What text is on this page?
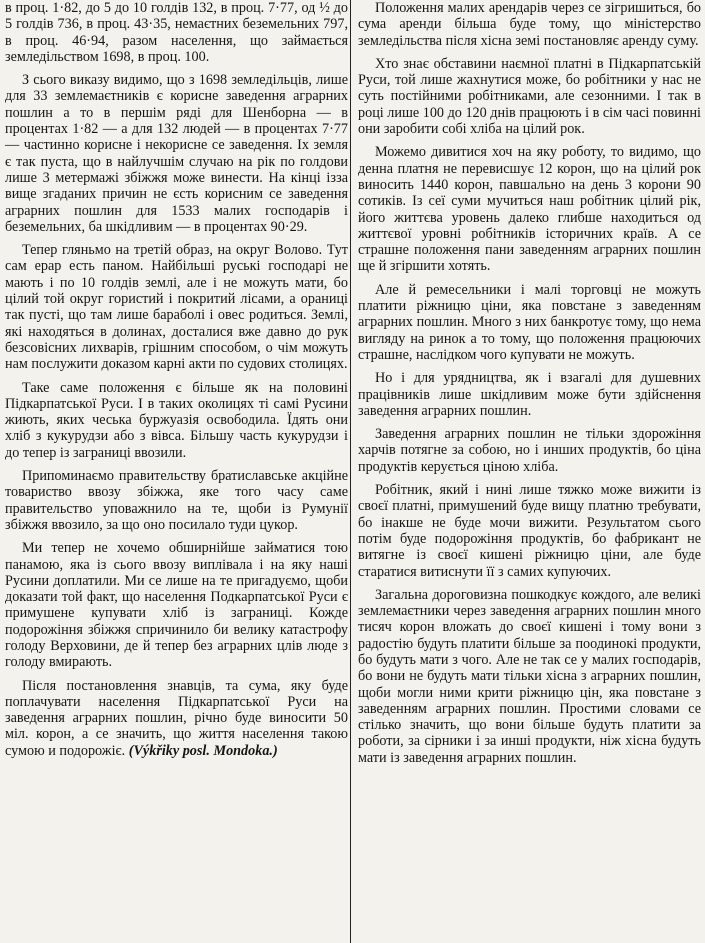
в проц. 1·82, до 5 до 10 голдів 132, в проц. 7·77, од ½ до 5 голдів 736, в проц. 43·35, немаєтних беземельних 797, в проц. 46·94, разом населення, що займається земледільством 1698, в проц. 100.

З сього виказу видимо, що з 1698 земледільців, лише для 33 землемаєтників є корисне заведення аграрних пошлин а то в першім ряді для Шенборна — в процентах 1·82 — а для 132 людей — в процентах 7·77 — частинно корисне і некорисне се заведення. Іх земля є так пуста, що в найлучшім случаю на рік по голдови лише 3 метермажі збіжжя може винести. На кінці ізза вище згаданих причин не єсть корисним се заведення аграрних пошлин для 1533 малих господарів і беземельних, ба шкідливим — в процентах 90·29.

Тепер гляньмо на третій образ, на округ Волово. Тут сам ерар есть паном. Найбільші руські господарі не мають і по 10 голдів землі, але і не можуть мати, бо цілий той округ гористий і покритий лісами, а ораниці так пусті, що там лише бараболі і овес родиться. Землі, які находяться в долинах, досталися вже давно до рук безсовісних лихварів, грішним способом, о чім можуть нам послужити доказом карні акти по судових столицях.

Таке саме положення є більше як на половині Підкарпатської Руси. І в таких околицях ті самі Русини жиють, яких чеська буржуазія освободила. Їдять они хліб з кукурудзи або з вівса. Більшу часть кукурудзи і до тепер із заграниці ввозили.

Припоминаємо правительству братиславське акційне товариство ввозу збіжжа, яке того часу саме правительство уповажнило на те, щоби із Румунії збіжжя ввозило, за що оно посилало туди цукор.

Ми тепер не хочемо обширнійше займатися тою панамою, яка із сього ввозу виплівала і на яку наші Русини доплатили. Ми се лише на те пригадуємо, щоби доказати той факт, що населення Подкарпатської Руси є примушене купувати хліб із заграниці. Кожде подорожіння збіжжя спричинило би велику катастрофу голоду Верховини, де й тепер без аграрних цлів люде з голоду вмирають.

Після постановлення знавців, та сума, яку буде поплачувати населення Підкарпатської Руси на заведення аграрних пошлин, річно буде виносити 50 міл. корон, а се значить, що життя населення такою сумою и подорожіє. (Výkřiky posl. Mondoka.)

Положення малих арендарів через се зігришиться, бо сума аренди більша буде тому, що міністерство земледільства після хісна земі постановляє аренду суму.

Хто знає обставини наємної платні в Підкарпатській Руси, той лише жахнутися може, бо робітники у нас не суть постійними робітниками, але сезонними. І так в році лише 100 до 120 днів працюють і в сім часі повинні они заробити собі хліба на цілий рок.

Можемо дивитися хоч на яку роботу, то видимо, що денна платня не перевисшує 12 корон, що на цілий рок виносить 1440 корон, павшально на день 3 корони 90 сотиків. Із сеї суми мучиться наш робітник цілий рік, його життєва уровень далеко глибше находиться од життєвої уровні робітників історичних країв. А се страшне положення пани заведенням аграрних пошлин ще й згіршити хотять.

Але й ремесельники і малі торговці не можуть платити ріжницю ціни, яка повстане з заведенням аграрних пошлин. Много з них банкротує тому, що нема вигляду на ринок а то тому, що положення працюючих страшне, наслідком чого купувати не можуть.

Но і для урядництва, як і взагалі для душевних працівників лише шкідливим може бути здійснення заведення аграрних пошлин.

Заведення аграрних пошлин не тільки здорожіння харчів потягне за собою, но і инших продуктів, бо ціна продуктів керується ціною хліба.

Робітник, який і нині лише тяжко може вижити із своєї платні, примушений буде вищу платню требувати, бо інакше не буде мочи вижити. Результатом сього потім буде подорожіння продуктів, бо фабрикант не витягне із своєї кишені ріжницю ціни, але буде старатися витиснути її з самих купуючих.

Загальна дороговизна пошкодкує кождого, але великі землемаєтники через заведення аграрних пошлин много тисяч корон вложать до своєї кишені і тому вони з радостію будуть платити більше за поодинокі продукти, бо будуть мати з чого. Але не так се у малих господарів, бо вони не будуть мати тільки хісна з аграрних пошлин, щоби могли ними крити ріжницю цін, яка повстане з заведенням аграрних пошлин. Простими словами се стілько значить, що вони більше будуть платити за роботи, за сірники і за инші продукти, ніж хісна будуть мати із заведення аграрних пошлин.
